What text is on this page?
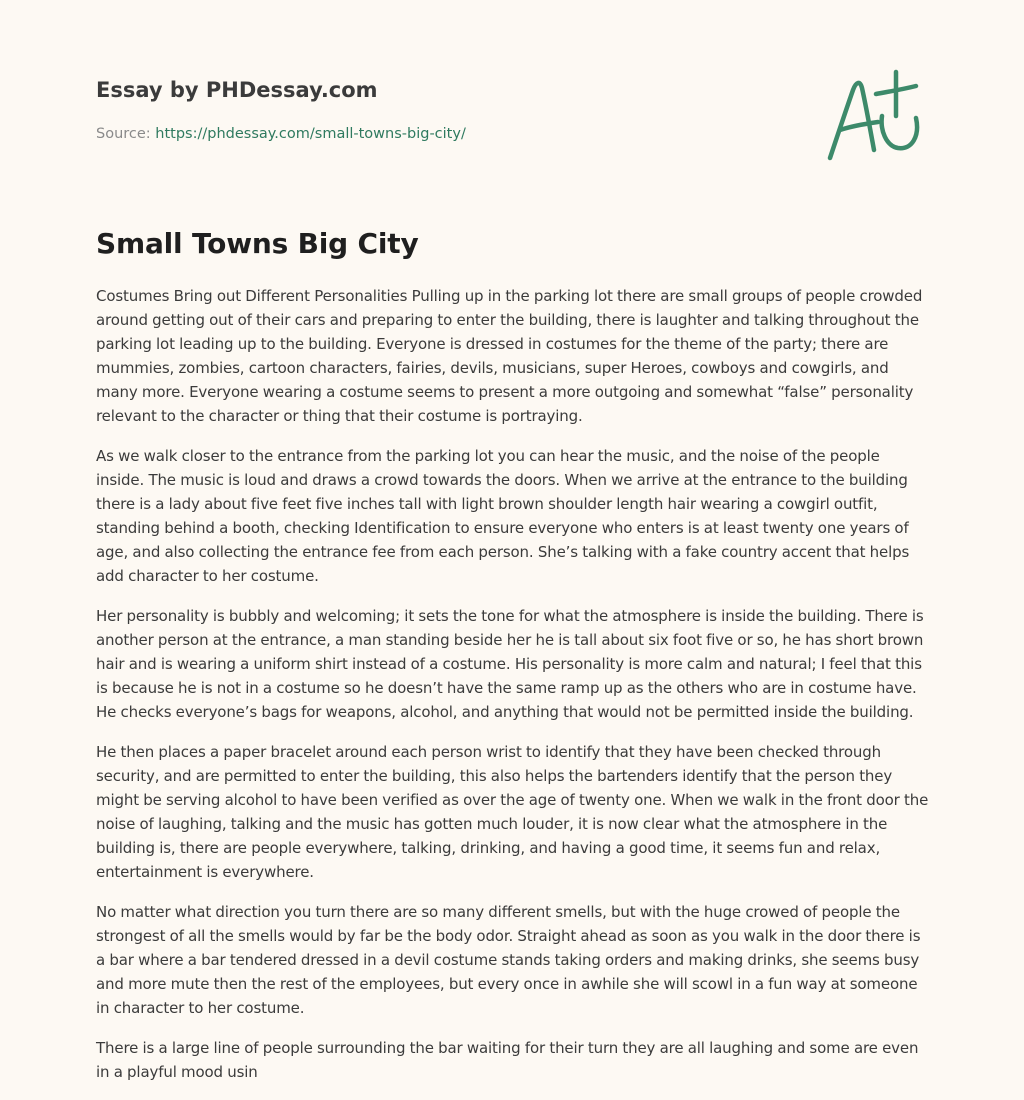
Essay by PHDessay.com
Source: https://phdessay.com/small-towns-big-city/
Small Towns Big City

Costumes Bring out Different Personalities Pulling up in the parking lot there are small groups of people crowded around getting out of their cars and preparing to enter the building, there is laughter and talking throughout the parking lot leading up to the building. Everyone is dressed in costumes for the theme of the party; there are mummies, zombies, cartoon characters, fairies, devils, musicians, super Heroes, cowboys and cowgirls, and many more. Everyone wearing a costume seems to present a more outgoing and somewhat “false” personality relevant to the character or thing that their costume is portraying.

As we walk closer to the entrance from the parking lot you can hear the music, and the noise of the people inside. The music is loud and draws a crowd towards the doors. When we arrive at the entrance to the building there is a lady about five feet five inches tall with light brown shoulder length hair wearing a cowgirl outfit, standing behind a booth, checking Identification to ensure everyone who enters is at least twenty one years of age, and also collecting the entrance fee from each person. She’s talking with a fake country accent that helps add character to her costume.

Her personality is bubbly and welcoming; it sets the tone for what the atmosphere is inside the building. There is another person at the entrance, a man standing beside her he is tall about six foot five or so, he has short brown hair and is wearing a uniform shirt instead of a costume. His personality is more calm and natural; I feel that this is because he is not in a costume so he doesn’t have the same ramp up as the others who are in costume have. He checks everyone’s bags for weapons, alcohol, and anything that would not be permitted inside the building.

He then places a paper bracelet around each person wrist to identify that they have been checked through security, and are permitted to enter the building, this also helps the bartenders identify that the person they might be serving alcohol to have been verified as over the age of twenty one. When we walk in the front door the noise of laughing, talking and the music has gotten much louder, it is now clear what the atmosphere in the building is, there are people everywhere, talking, drinking, and having a good time, it seems fun and relax, entertainment is everywhere.

No matter what direction you turn there are so many different smells, but with the huge crowed of people the strongest of all the smells would by far be the body odor. Straight ahead as soon as you walk in the door there is a bar where a bar tendered dressed in a devil costume stands taking orders and making drinks, she seems busy and more mute then the rest of the employees, but every once in awhile she will scowl in a fun way at someone in character to her costume.

There is a large line of people surrounding the bar waiting for their turn they are all laughing and some are even in a playful mood usin
